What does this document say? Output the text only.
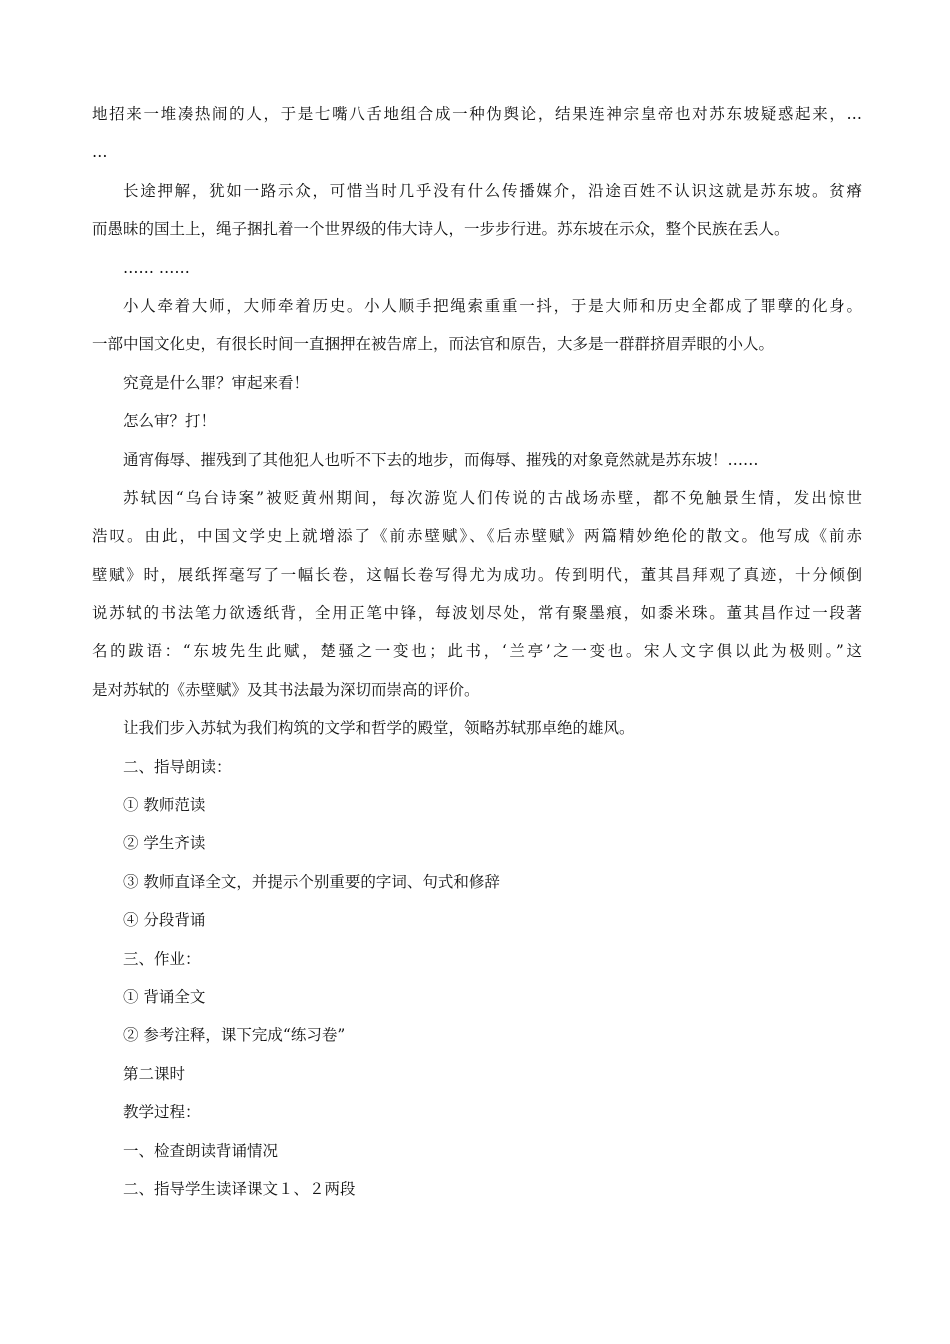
地招来一堆凑热闹的人，于是七嘴八舌地组合成一种伪舆论，结果连神宗皇帝也对苏东坡疑惑起来，…
…
长途押解，犹如一路示众，可惜当时几乎没有什么传播媒介，沿途百姓不认识这就是苏东坡。贫瘠
而愚昧的国土上，绳子捆扎着一个世界级的伟大诗人，一步步行进。苏东坡在示众，整个民族在丢人。
…… ……
小人牵着大师，大师牵着历史。小人顺手把绳索重重一抖，于是大师和历史全都成了罪孽的化身。
一部中国文化史，有很长时间一直捆押在被告席上，而法官和原告，大多是一群群挤眉弄眼的小人。
究竟是什么罪？审起来看！
怎么审？打！
通宵侮辱、摧残到了其他犯人也听不下去的地步，而侮辱、摧残的对象竟然就是苏东坡！……
苏轼因“乌台诗案”被贬黄州期间，每次游览人们传说的古战场赤壁，都不免触景生情，发出惊世
浩叹。由此，中国文学史上就增添了《前赤壁赋》、《后赤壁赋》两篇精妙绝伦的散文。他写成《前赤
壁赋》时，展纸挥毫写了一幅长卷，这幅长卷写得尤为成功。传到明代，董其昌拜观了真迹，十分倾倒
说苏轼的书法笔力欲透纸背，全用正笔中锋，每波划尽处，常有聚墨痕，如黍米珠。董其昌作过一段著
名的跋语：“东坡先生此赋，楚骚之一变也；此书，‘兰亭’之一变也。宋人文字俱以此为极则。”这
是对苏轼的《赤壁赋》及其书法最为深切而崇高的评价。
让我们步入苏轼为我们构筑的文学和哲学的殿堂，领略苏轼那卓绝的雄风。
二、指导朗读：
① 教师范读
② 学生齐读
③ 教师直译全文，并提示个别重要的字词、句式和修辞
④ 分段背诵
三、作业：
① 背诵全文
② 参考注释，课下完成“练习卷”
第二课时
教学过程：
一、检查朗读背诵情况
二、指导学生读译课文１、２两段
